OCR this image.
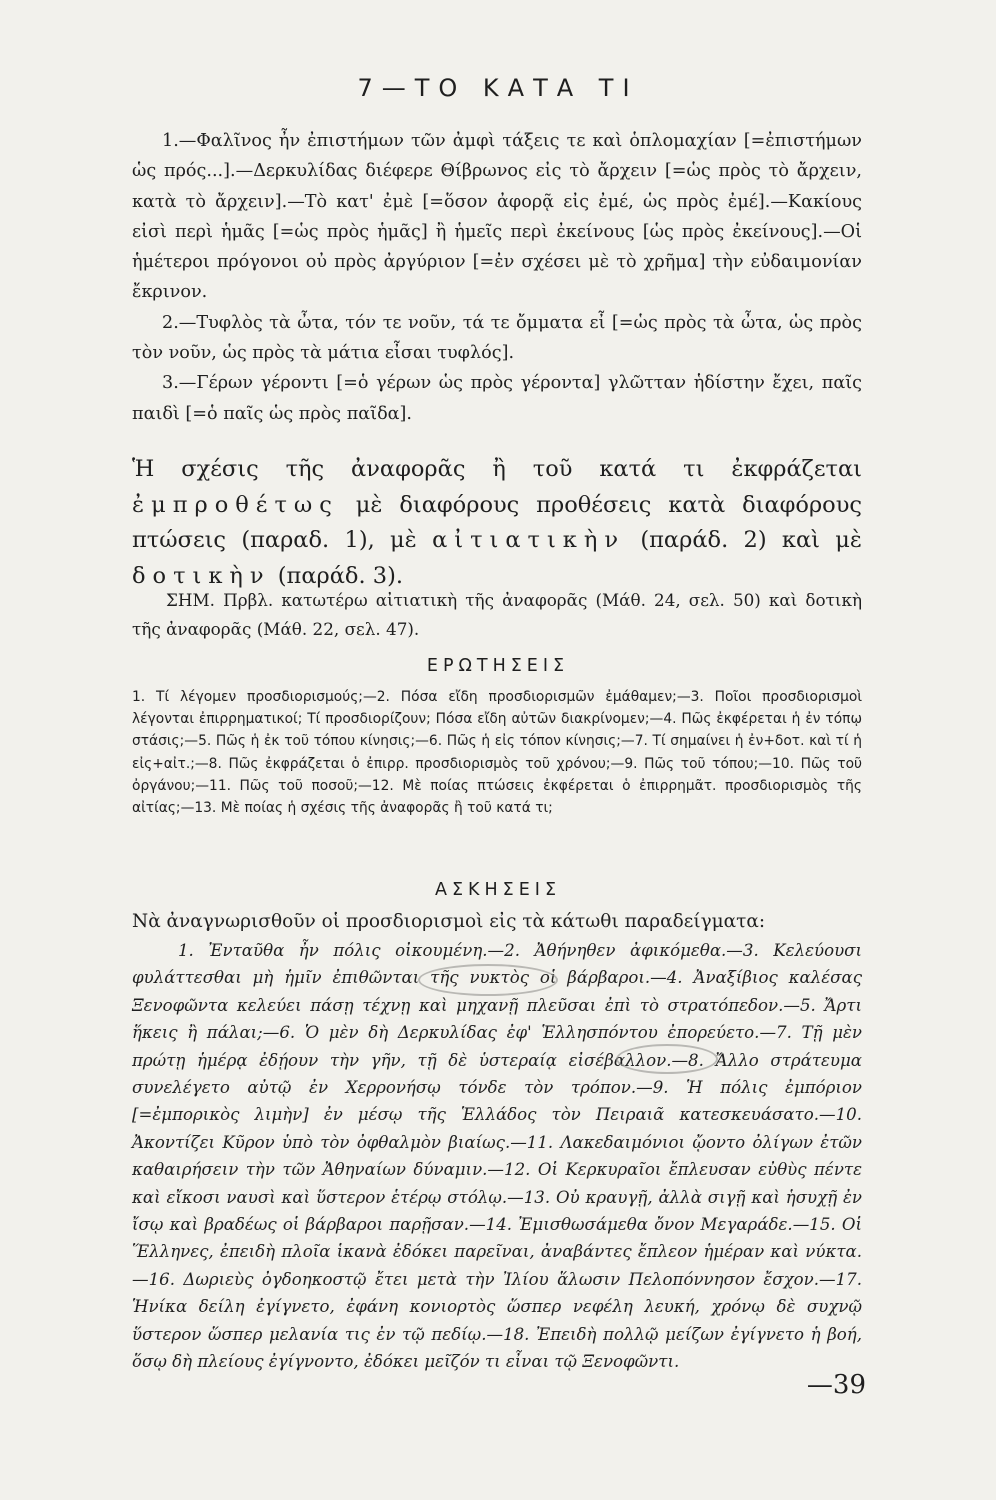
7—ΤΟ ΚΑΤΑ ΤΙ

1.—Φαλῖνος ἦν ἐπιστήμων τῶν ἀμφὶ τάξεις τε καὶ ὁπλομαχίαν [=ἐπιστήμων ὡς πρός...].—Δερκυλίδας διέφερε Θίβρωνος εἰς τὸ ἄρχειν [=ὡς πρὸς τὸ ἄρχειν, κατὰ τὸ ἄρχειν].—Τὸ κατ' ἐμὲ [=ὅσον ἀφορᾷ εἰς ἐμέ, ὡς πρὸς ἐμέ].—Κακίους εἰσὶ περὶ ἡμᾶς [=ὡς πρὸς ἡμᾶς] ἢ ἡμεῖς περὶ ἐκείνους [ὡς πρὸς ἐκείνους].—Οἱ ἡμέτεροι πρόγονοι οὐ πρὸς ἀργύριον [=ἐν σχέσει μὲ τὸ χρῆμα] τὴν εὐδαιμονίαν ἔκρινον.

2.—Τυφλὸς τὰ ὦτα, τόν τε νοῦν, τά τε ὄμματα εἶ [=ὡς πρὸς τὰ ὦτα, ὡς πρὸς τὸν νοῦν, ὡς πρὸς τὰ μάτια εἶσαι τυφλός].

3.—Γέρων γέροντι [=ὁ γέρων ὡς πρὸς γέροντα] γλῶτταν ἡδίστην ἔχει, παῖς παιδὶ [=ὁ παῖς ὡς πρὸς παῖδα].

Ἡ σχέσις τῆς ἀναφορᾶς ἢ τοῦ κατά τι ἐκφράζεται ἐμπροθέτως μὲ διαφόρους προθέσεις κατὰ διαφόρους πτώσεις (παραδ. 1), μὲ αἰτιατικὴν (παράδ. 2) καὶ μὲ δοτικὴν (παράδ. 3).
ΣΗΜ. Πρβλ. κατωτέρω αἰτιατικὴ τῆς ἀναφορᾶς (Μάθ. 24, σελ. 50) καὶ δοτικὴ τῆς ἀναφορᾶς (Μάθ. 22, σελ. 47).
ΕΡΩΤΗΣΕΙΣ
1. Τί λέγομεν προσδιορισμούς;—2. Πόσα εἴδη προσδιορισμῶν ἐμάθαμεν;—3. Ποῖοι προσδιορισμοὶ λέγονται ἐπιρρηματικοί; Τί προσδιορίζουν; Πόσα εἴδη αὐτῶν διακρίνομεν;—4. Πῶς ἐκφέρεται ἡ ἐν τόπῳ στάσις;—5. Πῶς ἡ ἐκ τοῦ τόπου κίνησις;—6. Πῶς ἡ εἰς τόπον κίνησις;—7. Τί σημαίνει ἡ ἐν+δοτ. καὶ τί ἡ εἰς+αἰτ.;—8. Πῶς ἐκφράζεται ὁ ἐπιρρ. προσδιορισμὸς τοῦ χρόνου;—9. Πῶς τοῦ τόπου;—10. Πῶς τοῦ ὀργάνου;—11. Πῶς τοῦ ποσοῦ;—12. Μὲ ποίας πτώσεις ἐκφέρεται ὁ ἐπιρρημᾶτ. προσδιορισμὸς τῆς αἰτίας;—13. Μὲ ποίας ἡ σχέσις τῆς ἀναφορᾶς ἢ τοῦ κατά τι;
ΑΣΚΗΣΕΙΣ
Νὰ ἀναγνωρισθοῦν οἱ προσδιορισμοὶ εἰς τὰ κάτωθι παραδείγματα:
1. Ἐνταῦθα ἦν πόλις οἰκουμένη.—2. Ἀθήνηθεν ἀφικόμεθα.—3. Κελεύουσι φυλάττεσθαι μὴ ἡμῖν ἐπιθῶνται τῆς νυκτὸς οἱ βάρβαροι.—4. Ἀναξίβιος καλέσας Ξενοφῶντα κελεύει πάσῃ τέχνῃ καὶ μηχανῇ πλεῦσαι ἐπὶ τὸ στρατόπεδον.—5. Ἄρτι ἥκεις ἢ πάλαι;—6. Ὁ μὲν δὴ Δερκυλίδας ἐφ' Ἑλλησπόντου ἐπορεύετο.—7. Τῇ μὲν πρώτῃ ἡμέρᾳ ἐδῄουν τὴν γῆν, τῇ δὲ ὑστεραίᾳ εἰσέβαλλον.—8. Ἄλλο στράτευμα συνελέγετο αὐτῷ ἐν Χερρονήσῳ τόνδε τὸν τρόπον.—9. Ἡ πόλις ἐμπόριον [=ἐμπορικὸς λιμὴν] ἐν μέσῳ τῆς Ἑλλάδος τὸν Πειραιᾶ κατεσκευάσατο.—10. Ἀκοντίζει Κῦρον ὑπὸ τὸν ὀφθαλμὸν βιαίως.—11. Λακεδαιμόνιοι ᾤοντο ὀλίγων ἐτῶν καθαιρήσειν τὴν τῶν Ἀθηναίων δύναμιν.—12. Οἱ Κερκυραῖοι ἔπλευσαν εὐθὺς πέντε καὶ εἴκοσι ναυσὶ καὶ ὕστερον ἑτέρῳ στόλῳ.—13. Οὐ κραυγῇ, ἀλλὰ σιγῇ καὶ ἡσυχῇ ἐν ἴσῳ καὶ βραδέως οἱ βάρβαροι παρῇσαν.—14. Ἐμισθωσάμεθα ὄνον Μεγαράδε.—15. Οἱ Ἕλληνες, ἐπειδὴ πλοῖα ἱκανὰ ἐδόκει παρεῖναι, ἀναβάντες ἔπλεον ἡμέραν καὶ νύκτα.—16. Δωριεὺς ὀγδοηκοστῷ ἔτει μετὰ τὴν Ἰλίου ἅλωσιν Πελοπόννησον ἔσχον.—17. Ἡνίκα δείλη ἐγίγνετο, ἐφάνη κονιορτὸς ὥσπερ νεφέλη λευκή, χρόνῳ δὲ συχνῷ ὕστερον ὥσπερ μελανία τις ἐν τῷ πεδίῳ.—18. Ἐπειδὴ πολλῷ μείζων ἐγίγνετο ἡ βοή, ὅσῳ δὴ πλείους ἐγίγνοντο, ἐδόκει μεῖζόν τι εἶναι τῷ Ξενοφῶντι.
—39
